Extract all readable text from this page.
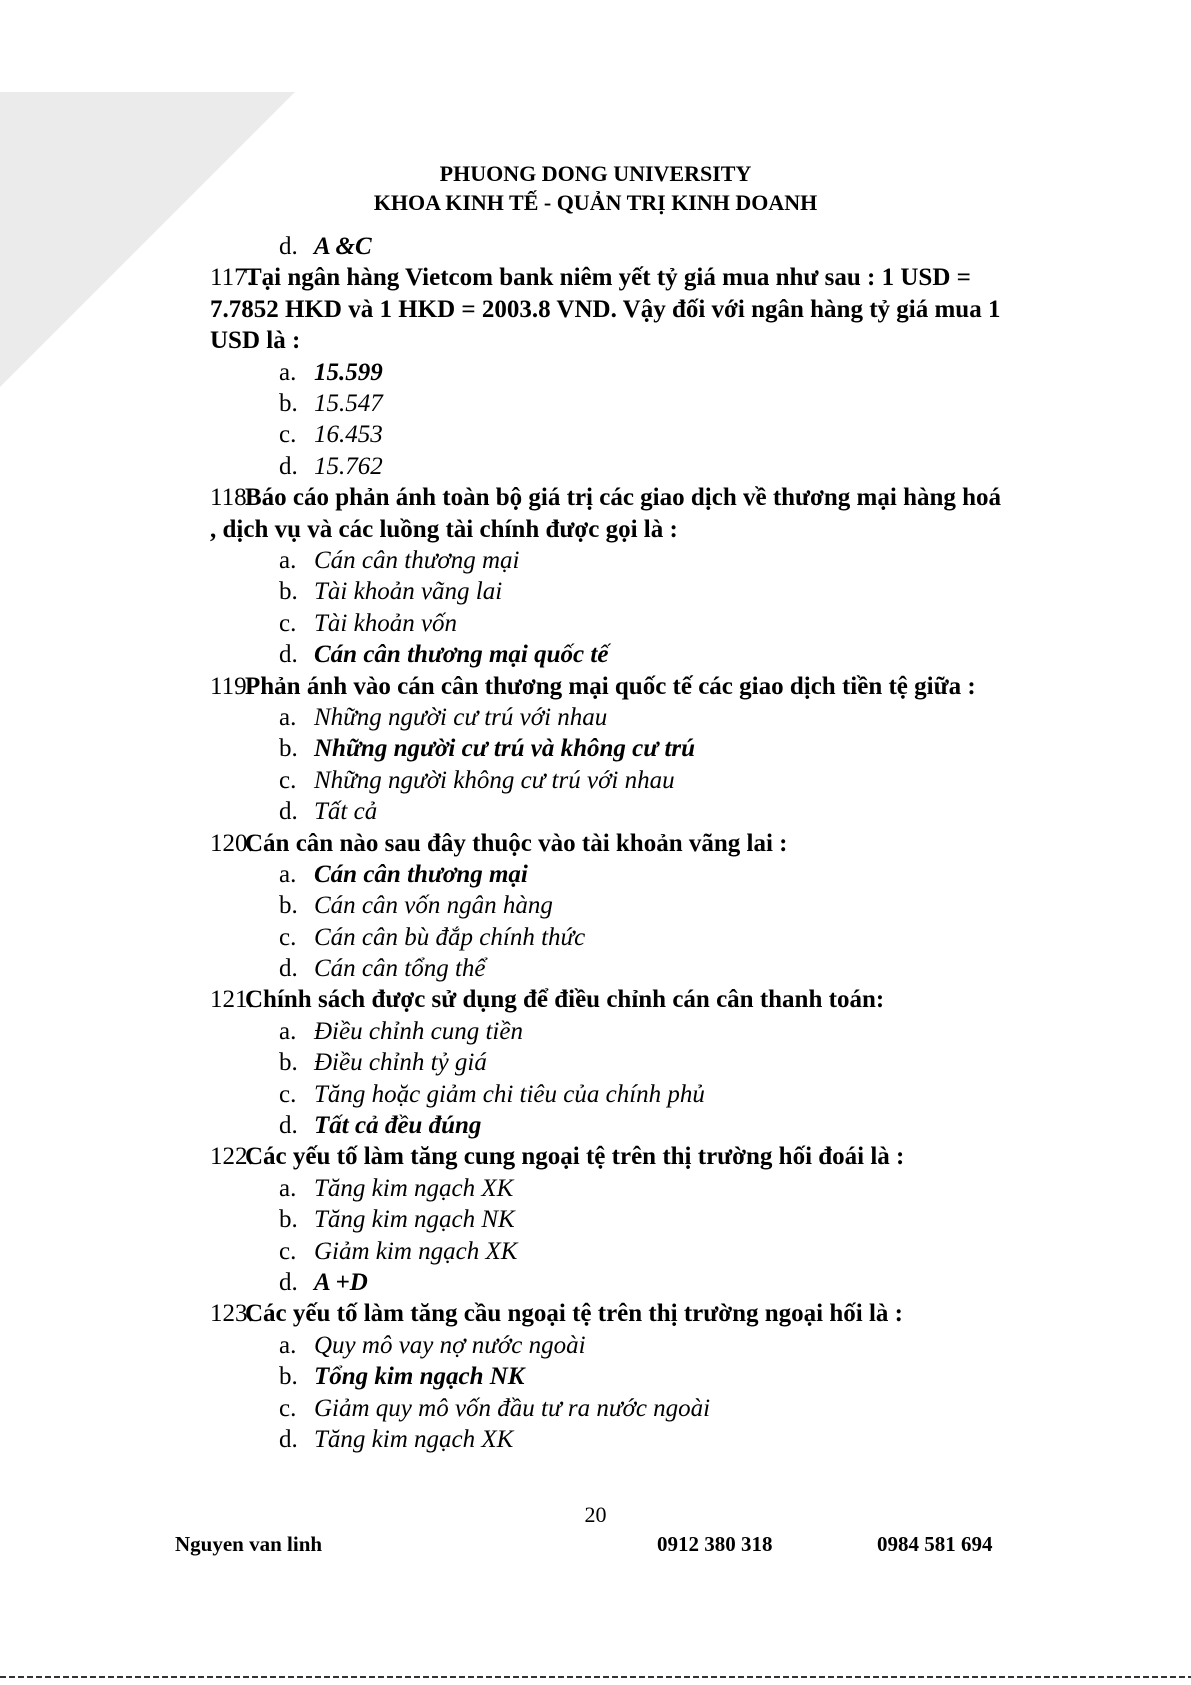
PHUONG DONG UNIVERSITY
KHOA KINH TẾ - QUẢN TRỊ KINH DOANH
d. A &C
117.
Tại ngân hàng Vietcom bank niêm yết tỷ giá mua như sau : 1 USD = 7.7852 HKD và 1 HKD = 2003.8 VND. Vậy đối với ngân hàng tỷ giá mua 1 USD là :
a. 15.599
b. 15.547
c. 16.453
d. 15.762
118.
Báo cáo phản ánh toàn bộ giá trị các giao dịch về thương mại hàng hoá , dịch vụ và các luồng tài chính được gọi là :
a. Cán cân thương mại
b. Tài khoản vãng lai
c. Tài khoản vốn
d. Cán cân thương mại quốc tế
119.
Phản ánh vào cán cân thương mại quốc tế các giao dịch tiền tệ giữa :
a. Những người cư trú với nhau
b. Những người cư trú và không cư trú
c. Những người không cư trú với nhau
d. Tất cả
120.
Cán cân nào sau đây thuộc vào tài khoản vãng lai :
a. Cán cân thương mại
b. Cán cân vốn ngân hàng
c. Cán cân bù đắp chính thức
d. Cán cân tổng thể
121.
Chính sách được sử dụng để điều chỉnh cán cân thanh toán:
a. Điều chỉnh cung tiền
b. Điều chỉnh tỷ giá
c. Tăng hoặc giảm chi tiêu của chính phủ
d. Tất cả đều đúng
122.
Các yếu tố làm tăng cung ngoại tệ trên thị trường hối đoái là :
a. Tăng kim ngạch XK
b. Tăng kim ngạch NK
c. Giảm kim ngạch XK
d. A +D
123.
Các yếu tố làm tăng cầu ngoại tệ trên thị trường ngoại hối là :
a. Quy mô vay nợ nước ngoài
b. Tổng kim ngạch NK
c. Giảm quy mô vốn đầu tư ra nước ngoài
d. Tăng kim ngạch XK
20
Nguyen van linh	0912 380 318	0984 581 694
